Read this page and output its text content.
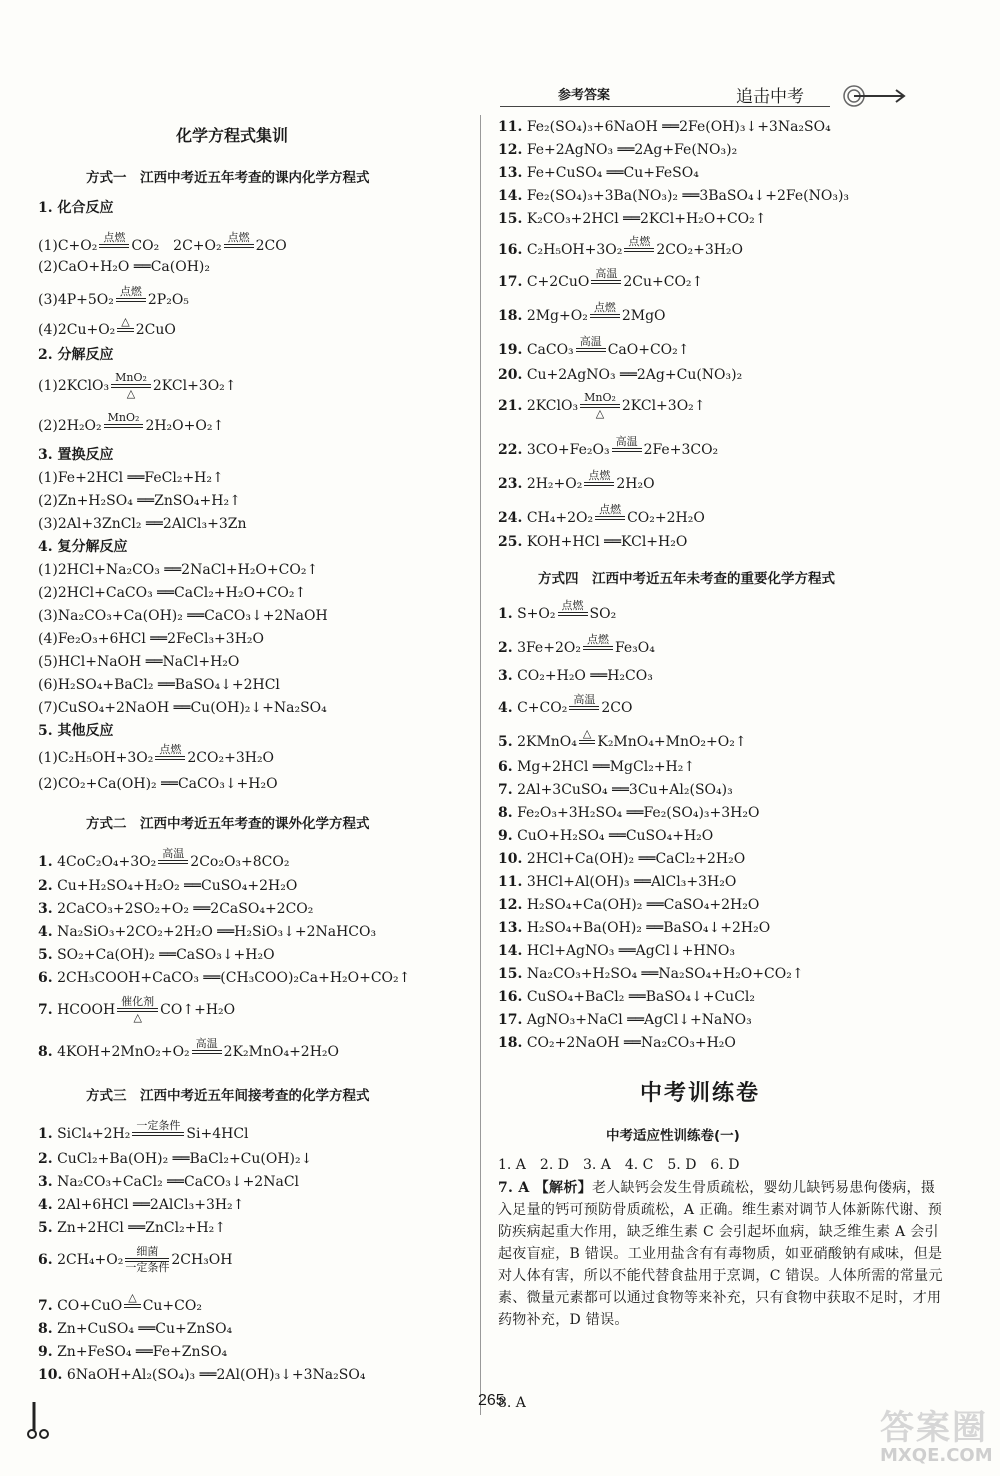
参考答案	追击中考
化学方程式集训
方式一　江西中考近五年考查的课内化学方程式
1. 化合反应
(1)C+O₂
点燃

CO₂　2C+O₂
点燃

2CO
(2)CaO+H₂O ══Ca(OH)₂
(3)4P+5O₂
点燃

2P₂O₅
(4)2Cu+O₂
△

2CuO
2. 分解反应
(1)2KClO₃
MnO₂
△	2KCl+3O₂↑
(2)2H₂O₂
MnO₂

2H₂O+O₂↑
3. 置换反应
(1)Fe+2HCl ══FeCl₂+H₂↑
(2)Zn+H₂SO₄ ══ZnSO₄+H₂↑
(3)2Al+3ZnCl₂ ══2AlCl₃+3Zn
4. 复分解反应
(1)2HCl+Na₂CO₃ ══2NaCl+H₂O+CO₂↑
(2)2HCl+CaCO₃ ══CaCl₂+H₂O+CO₂↑
(3)Na₂CO₃+Ca(OH)₂ ══CaCO₃↓+2NaOH
(4)Fe₂O₃+6HCl ══2FeCl₃+3H₂O
(5)HCl+NaOH ══NaCl+H₂O
(6)H₂SO₄+BaCl₂ ══BaSO₄↓+2HCl
(7)CuSO₄+2NaOH ══Cu(OH)₂↓+Na₂SO₄
5. 其他反应
(1)C₂H₅OH+3O₂
点燃

2CO₂+3H₂O
(2)CO₂+Ca(OH)₂ ══CaCO₃↓+H₂O
方式二　江西中考近五年考查的课外化学方程式
1. 4CoC₂O₄+3O₂
高温

2Co₂O₃+8CO₂
2. Cu+H₂SO₄+H₂O₂ ══CuSO₄+2H₂O
3. 2CaCO₃+2SO₂+O₂ ══2CaSO₄+2CO₂
4. Na₂SiO₃+2CO₂+2H₂O ══H₂SiO₃↓+2NaHCO₃
5. SO₂+Ca(OH)₂ ══CaSO₃↓+H₂O
6. 2CH₃COOH+CaCO₃ ══(CH₃COO)₂Ca+H₂O+CO₂↑
7. HCOOH
催化剂
△	CO↑+H₂O
8. 4KOH+2MnO₂+O₂
高温

2K₂MnO₄+2H₂O
方式三　江西中考近五年间接考查的化学方程式
1. SiCl₄+2H₂
一定条件

Si+4HCl
2. CuCl₂+Ba(OH)₂ ══BaCl₂+Cu(OH)₂↓
3. Na₂CO₃+CaCl₂ ══CaCO₃↓+2NaCl
4. 2Al+6HCl ══2AlCl₃+3H₂↑
5. Zn+2HCl ══ZnCl₂+H₂↑
6. 2CH₄+O₂
细菌
一定条件 2CH₃OH
7. CO+CuO
△

Cu+CO₂
8. Zn+CuSO₄ ══Cu+ZnSO₄
9. Zn+FeSO₄ ══Fe+ZnSO₄
10. 6NaOH+Al₂(SO₄)₃ ══2Al(OH)₃↓+3Na₂SO₄
11. Fe₂(SO₄)₃+6NaOH ══2Fe(OH)₃↓+3Na₂SO₄
12. Fe+2AgNO₃ ══2Ag+Fe(NO₃)₂
13. Fe+CuSO₄ ══Cu+FeSO₄
14. Fe₂(SO₄)₃+3Ba(NO₃)₂ ══3BaSO₄↓+2Fe(NO₃)₃
15. K₂CO₃+2HCl ══2KCl+H₂O+CO₂↑
16. C₂H₅OH+3O₂
点燃

2CO₂+3H₂O
17. C+2CuO
高温

2Cu+CO₂↑
18. 2Mg+O₂
点燃

2MgO
19. CaCO₃
高温

CaO+CO₂↑
20. Cu+2AgNO₃ ══2Ag+Cu(NO₃)₂
21. 2KClO₃
MnO₂
△	2KCl+3O₂↑
22. 3CO+Fe₂O₃
高温

2Fe+3CO₂
23. 2H₂+O₂
点燃

2H₂O
24. CH₄+2O₂
点燃

CO₂+2H₂O
25. KOH+HCl ══KCl+H₂O
方式四　江西中考近五年未考查的重要化学方程式
1. S+O₂
点燃

SO₂
2. 3Fe+2O₂
点燃

Fe₃O₄
3. CO₂+H₂O ══H₂CO₃
4. C+CO₂
高温

2CO
5. 2KMnO₄
△

K₂MnO₄+MnO₂+O₂↑
6. Mg+2HCl ══MgCl₂+H₂↑
7. 2Al+3CuSO₄ ══3Cu+Al₂(SO₄)₃
8. Fe₂O₃+3H₂SO₄ ══Fe₂(SO₄)₃+3H₂O
9. CuO+H₂SO₄ ══CuSO₄+H₂O
10. 2HCl+Ca(OH)₂ ══CaCl₂+2H₂O
11. 3HCl+Al(OH)₃ ══AlCl₃+3H₂O
12. H₂SO₄+Ca(OH)₂ ══CaSO₄+2H₂O
13. H₂SO₄+Ba(OH)₂ ══BaSO₄↓+2H₂O
14. HCl+AgNO₃ ══AgCl↓+HNO₃
15. Na₂CO₃+H₂SO₄ ══Na₂SO₄+H₂O+CO₂↑
16. CuSO₄+BaCl₂ ══BaSO₄↓+CuCl₂
17. AgNO₃+NaCl ══AgCl↓+NaNO₃
18. CO₂+2NaOH ══Na₂CO₃+H₂O
中考训练卷
中考适应性训练卷(一)
1. A　2. D　3. A　4. C　5. D　6. D
7. A 【解析】老人缺钙会发生骨质疏松，婴幼儿缺钙易患佝偻病，摄入足量的钙可预防骨质疏松，A 正确。维生素对调节人体新陈代谢、预防疾病起重大作用，缺乏维生素 C 会引起坏血病，缺乏维生素 A 会引起夜盲症，B 错误。工业用盐含有有毒物质，如亚硝酸钠有咸味，但是对人体有害，所以不能代替食盐用于烹调，C 错误。人体所需的常量元素、微量元素都可以通过食物等来补充，只有食物中获取不足时，才用药物补充，D 错误。
8. A
265
答案圈
MXQE.COM
